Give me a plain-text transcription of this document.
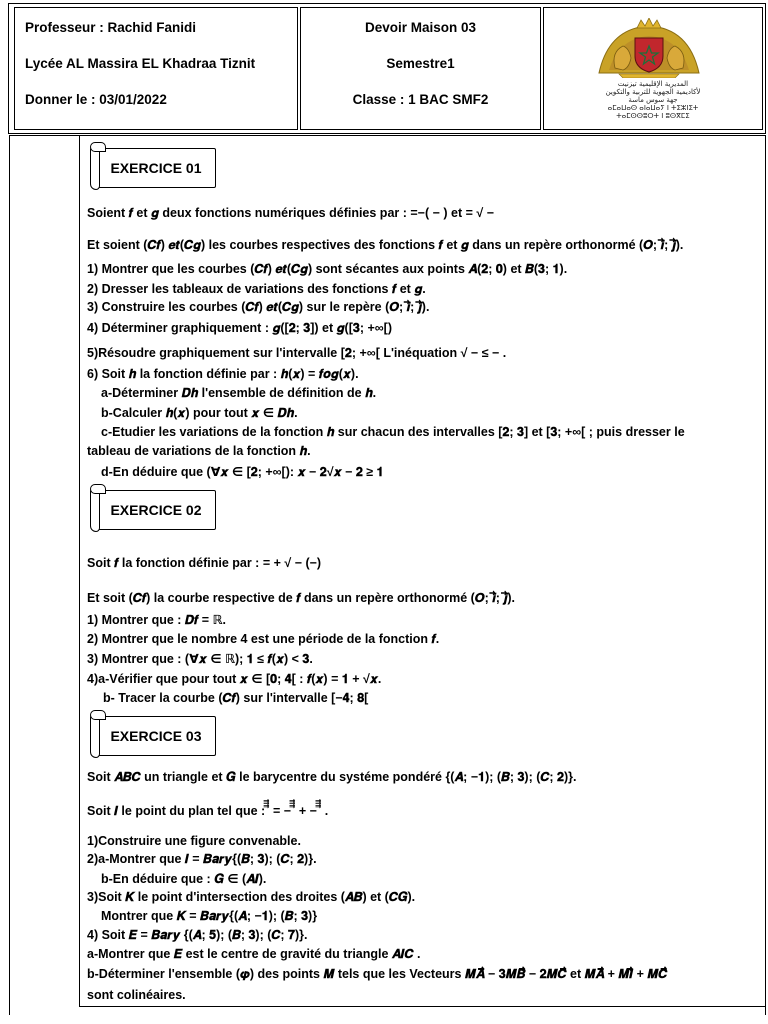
Professeur : Rachid Fanidi
Lycée AL Massira EL Khadraa Tiznit
Donner le : 03/01/2022
Devoir Maison 03
Semestre1
Classe : 1 BAC SMF2
المديرية الإقليمية تيزنيت
لأكاديمية الجهوية للتربية والتكوين
جهة سوس ماسة
ⴰⵎⴰⵡⴰⵙ ⴰⵏⴰⵡⴰⵢ ⵏ ⵜⵉⵣⵏⵉⵜ
ⵜⴰⵎⵙⵙⵓⵔⵜ ⵏ ⵓⵙⴳⵎⵉ
EXERCICE 01
Soient 𝒇 et 𝒈 deux fonctions numériques définies par : =−( − ) et = √ −
Et soient (𝑪𝒇) 𝒆𝒕(𝑪𝒈) les courbes respectives des fonctions 𝒇 et 𝒈 dans un repère orthonormé (𝑶; 𝒊⃗; 𝒋⃗).
1) Montrer que les courbes (𝑪𝒇) 𝒆𝒕(𝑪𝒈) sont sécantes aux points 𝑨(𝟐; 𝟎) et 𝑩(𝟑; 𝟏).
2) Dresser les tableaux de variations des fonctions 𝒇 et 𝒈.
3) Construire les courbes (𝑪𝒇) 𝒆𝒕(𝑪𝒈) sur le repère (𝑶; 𝒊⃗; 𝒋⃗).
4) Déterminer graphiquement : 𝒈([𝟐; 𝟑]) et 𝒈([𝟑; +∞[)
5)Résoudre graphiquement sur l'intervalle [𝟐; +∞[ L'inéquation √ − ≤ − .
6) Soit 𝒉 la fonction définie par : 𝒉(𝒙) = 𝒇𝒐𝒈(𝒙).
a-Déterminer 𝑫𝒉 l'ensemble de définition de 𝒉.
b-Calculer 𝒉(𝒙) pour tout 𝒙 ∈ 𝑫𝒉.
c-Etudier les variations de la fonction 𝒉 sur chacun des intervalles [𝟐; 𝟑] et [𝟑; +∞[ ; puis dresser le
tableau de variations de la fonction 𝒉.
d-En déduire que (∀𝒙 ∈ [𝟐; +∞[): 𝒙 − 𝟐√𝒙 − 𝟐 ≥ 𝟏
EXERCICE 02
Soit 𝒇 la fonction définie par : = + √ − (−)
Et soit (𝑪𝒇) la courbe respective de 𝒇 dans un repère orthonormé (𝑶; 𝒊⃗; 𝒋⃗).
1) Montrer que : 𝑫𝒇 = ℝ.
2) Montrer que le nombre 4 est une période de la fonction 𝒇.
3) Montrer que : (∀𝒙 ∈ ℝ); 𝟏 ≤ 𝒇(𝒙) < 𝟑.
4)a-Vérifier que pour tout 𝒙 ∈ [𝟎; 𝟒[ : 𝒇(𝒙) = 𝟏 + √𝒙.
b- Tracer la courbe (𝑪𝒇) sur l'intervalle [−𝟒; 𝟖[
EXERCICE 03
Soit 𝑨𝑩𝑪 un triangle et 𝑮 le barycentre du systéme pondéré {(𝑨; −𝟏); (𝑩; 𝟑); (𝑪; 𝟐)}.
Soit 𝑰 le point du plan tel que : ⃗⃗⃗⃗⃗ = − ⃗⃗⃗⃗⃗ + − ⃗⃗⃗⃗⃗ .
1)Construire une figure convenable.
2)a-Montrer que 𝑰 = 𝑩𝒂𝒓𝒚{(𝑩; 𝟑); (𝑪; 𝟐)}.
b-En déduire que : 𝑮 ∈ (𝑨𝑰).
3)Soit 𝑲 le point d'intersection des droites (𝑨𝑩) et (𝑪𝑮).
Montrer que 𝑲 = 𝑩𝒂𝒓𝒚{(𝑨; −𝟏); (𝑩; 𝟑)}
4) Soit 𝑬 = 𝑩𝒂𝒓𝒚 {(𝑨; 𝟓); (𝑩; 𝟑); (𝑪; 𝟕)}.
a-Montrer que 𝑬 est le centre de gravité du triangle 𝑨𝑰𝑪 .
b-Déterminer l'ensemble (𝝋) des points 𝑴 tels que les Vecteurs 𝑴𝑨⃗⃗⃗⃗⃗⃗ − 𝟑𝑴𝑩⃗⃗⃗⃗⃗⃗ − 𝟐𝑴𝑪⃗⃗⃗⃗⃗⃗ et 𝑴𝑨⃗⃗⃗⃗⃗⃗ + 𝑴𝑰⃗⃗⃗⃗⃗ + 𝑴𝑪⃗⃗⃗⃗⃗⃗
sont colinéaires.
